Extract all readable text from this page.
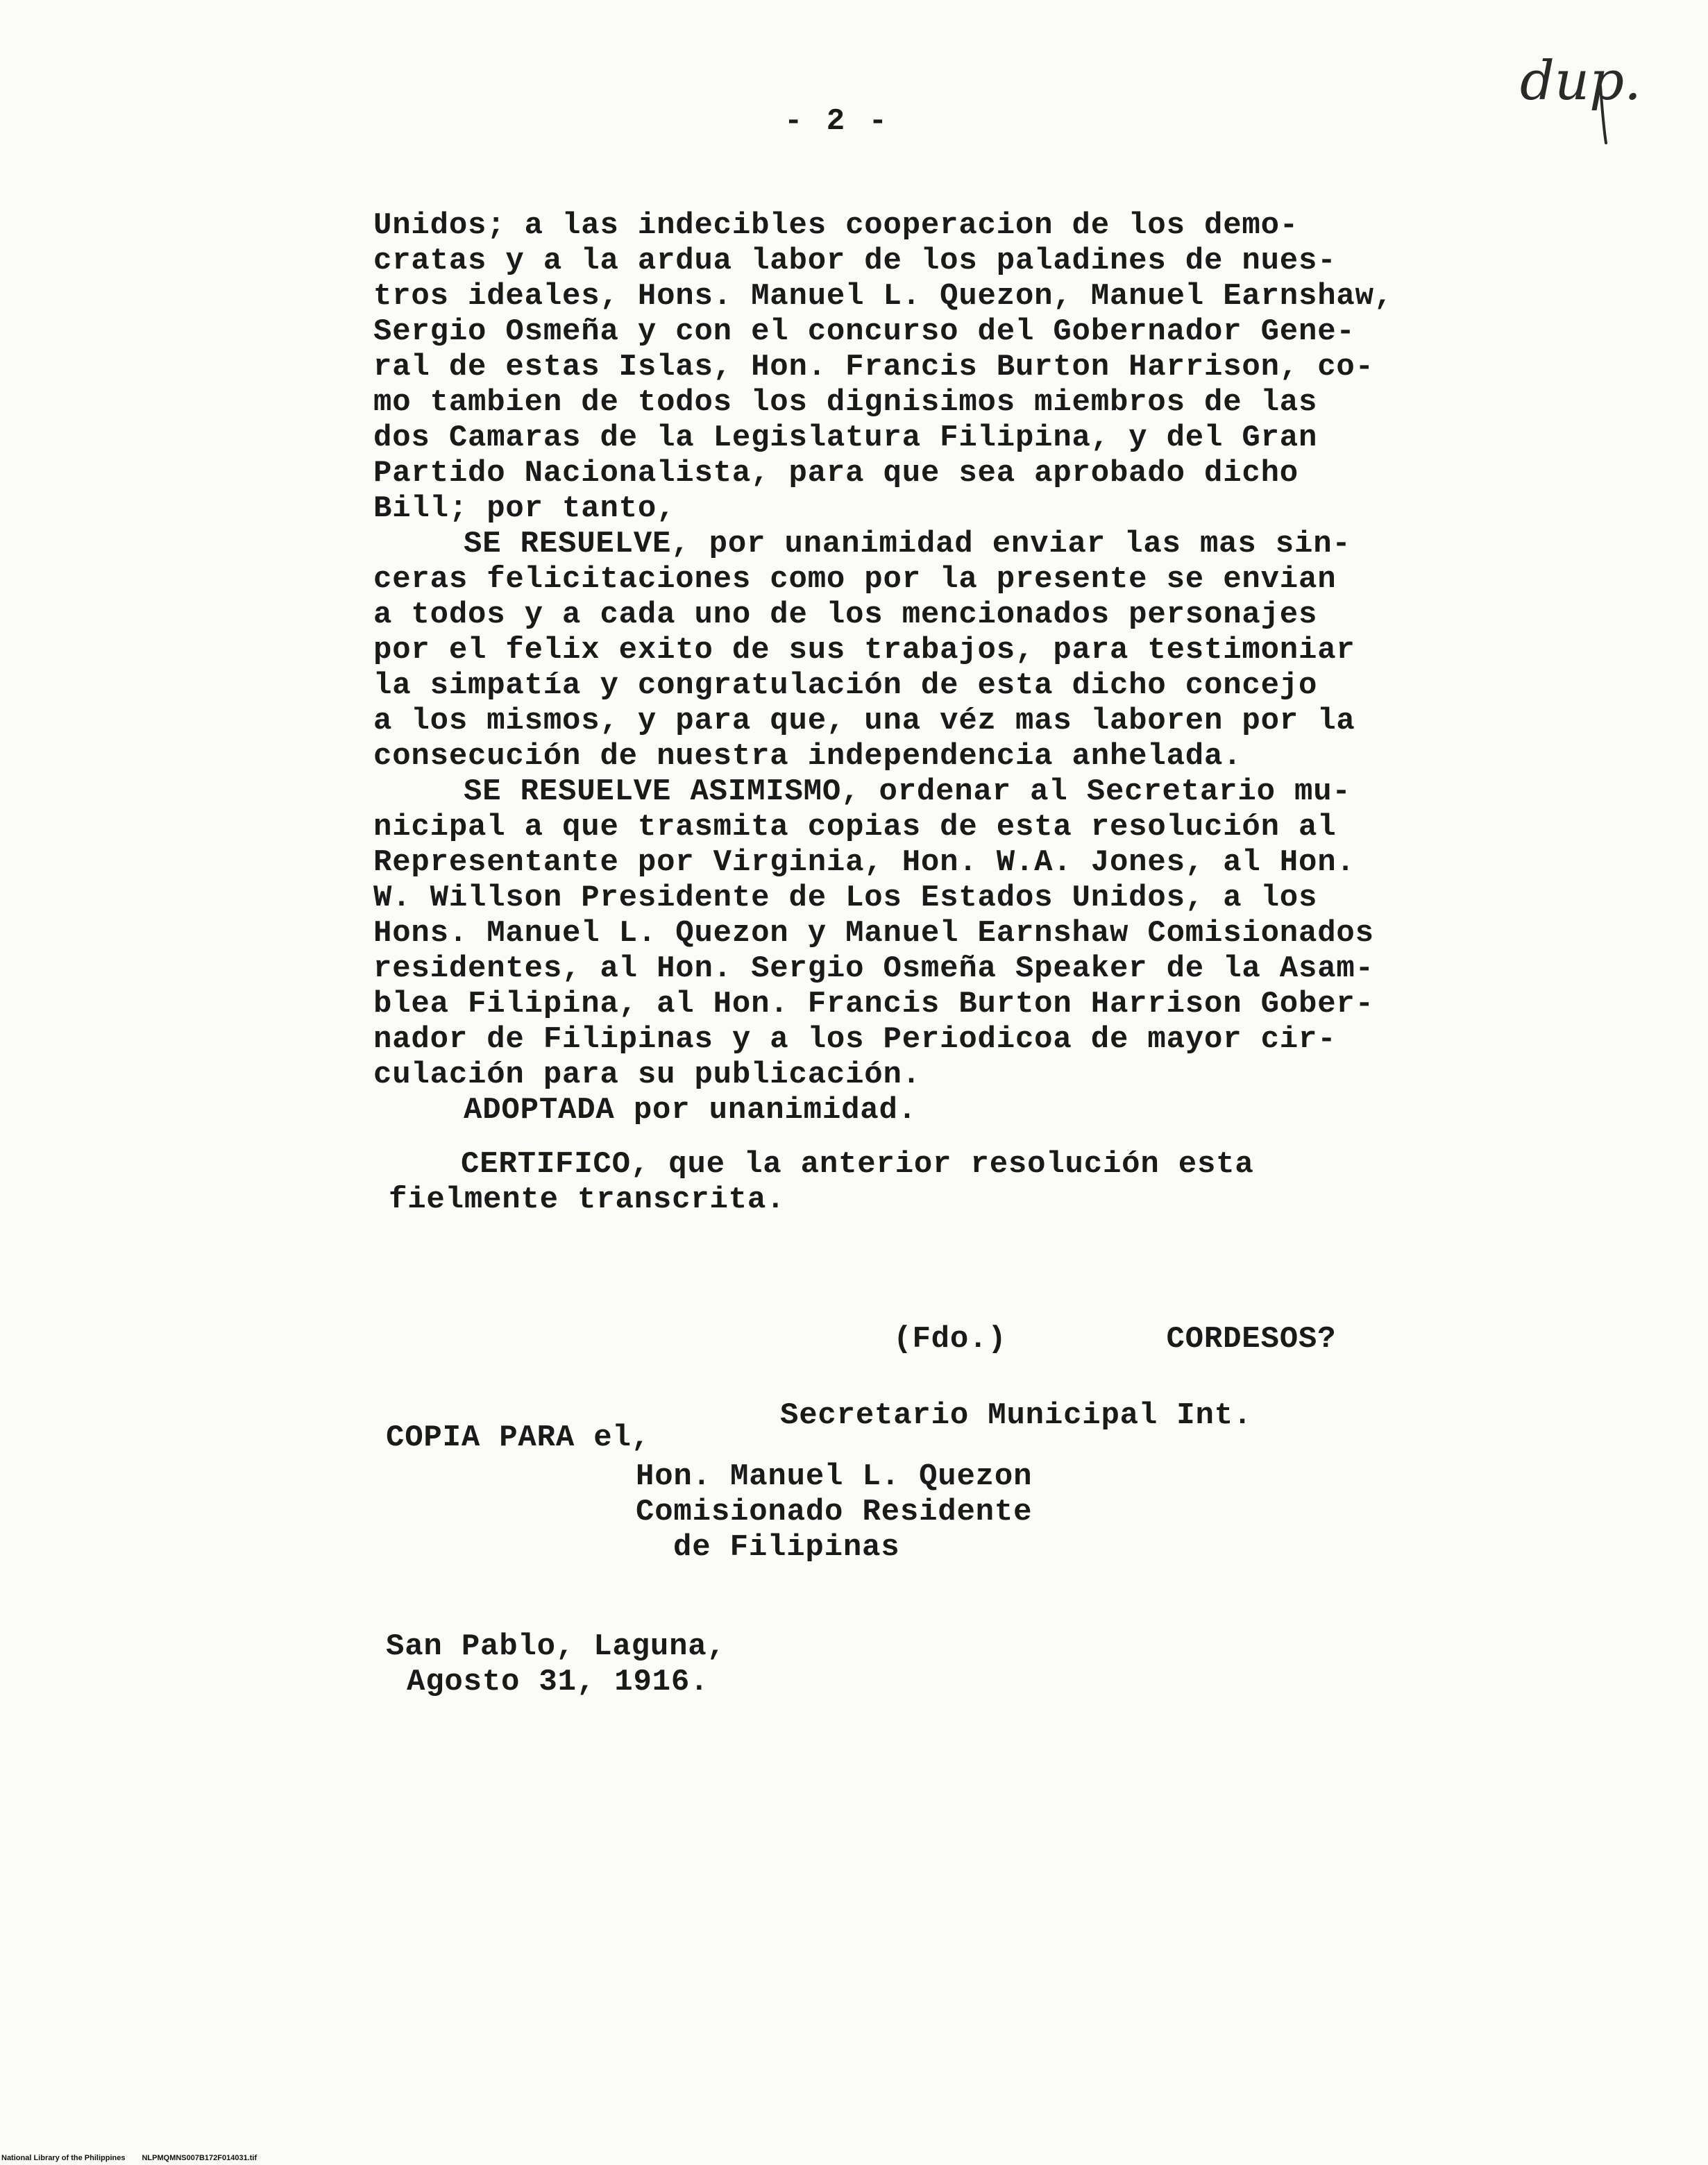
- 2 -
dup.
Unidos; a las indecibles cooperacion de los demo-
cratas y a la ardua labor de los paladines de nues-
tros ideales, Hons. Manuel L. Quezon, Manuel Earnshaw,
Sergio Osmeña y con el concurso del Gobernador Gene-
ral de estas Islas, Hon. Francis Burton Harrison, co-
mo tambien de todos los dignisimos miembros de las
dos Camaras de la Legislatura Filipina, y del Gran
Partido Nacionalista, para que sea aprobado dicho
Bill; por tanto,
SE RESUELVE, por unanimidad enviar las mas sin-
ceras felicitaciones como por la presente se envian
a todos y a cada uno de los mencionados personajes
por el felix exito de sus trabajos, para testimoniar
la simpatía y congratulación de esta dicho concejo
a los mismos, y para que, una véz mas laboren por la
consecución de nuestra independencia anhelada.
SE RESUELVE ASIMISMO, ordenar al Secretario mu-
nicipal a que trasmita copias de esta resolución al
Representante por Virginia, Hon. W.A. Jones, al Hon.
W. Willson Presidente de Los Estados Unidos, a los
Hons. Manuel L. Quezon y Manuel Earnshaw Comisionados
residentes, al Hon. Sergio Osmeña Speaker de la Asam-
blea Filipina, al Hon. Francis Burton Harrison Gober-
nador de Filipinas y a los Periodicoa de mayor cir-
culación para su publicación.
ADOPTADA por unanimidad.
CERTIFICO, que la anterior resolución esta
fielmente transcrita.

(Fdo.)	CORDESOS?

Secretario Municipal Int.
COPIA PARA el,
Hon. Manuel L. Quezon
Comisionado Residente
de Filipinas
San Pablo, Laguna,
Agosto 31, 1916.
National Library of the Philippines NLPMQMNS007B172F014031.tif
